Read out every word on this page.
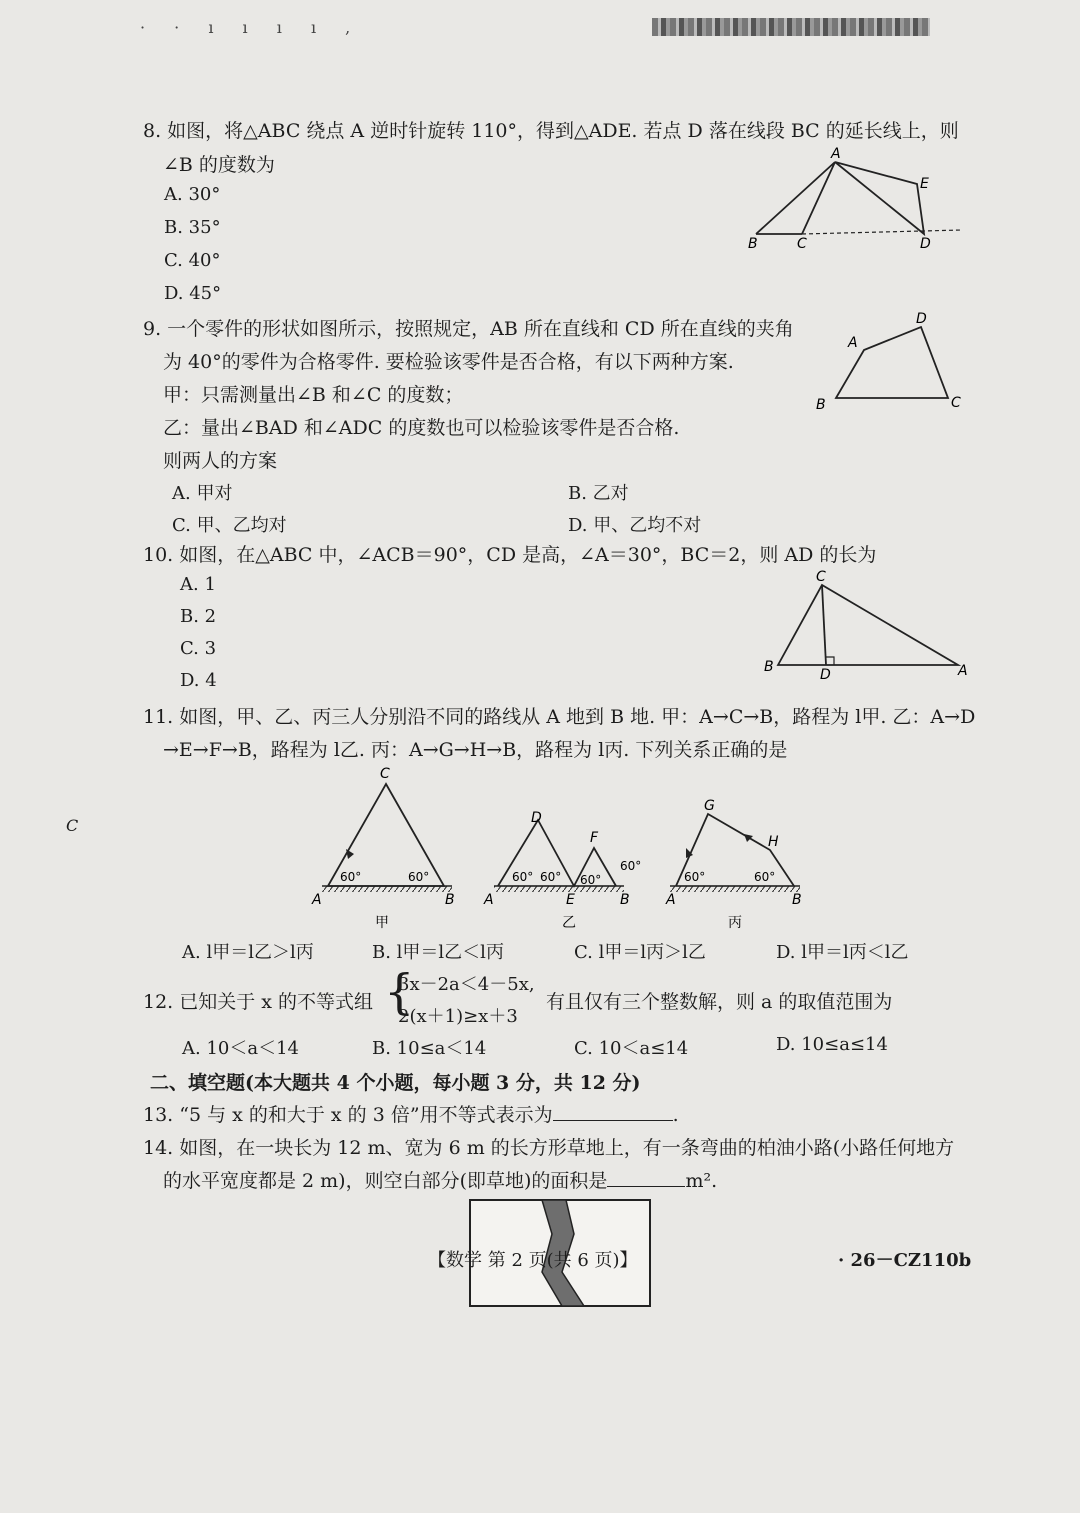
· · ı ı ı ı ,
C
8. 如图，将△ABC 绕点 A 逆时针旋转 110°，得到△ADE. 若点 D 落在线段 BC 的延长线上，则
∠B 的度数为
A. 30°
B. 35°
C. 40°
D. 45°
A
E
B	C	D
9. 一个零件的形状如图所示，按照规定，AB 所在直线和 CD 所在直线的夹角
为 40°的零件为合格零件. 要检验该零件是否合格，有以下两种方案.
甲：只需测量出∠B 和∠C 的度数；
乙：量出∠BAD 和∠ADC 的度数也可以检验该零件是否合格.
则两人的方案
A. 甲对	B. 乙对
C. 甲、乙均对	D. 甲、乙均不对
A
D
B	C
10. 如图，在△ABC 中，∠ACB＝90°，CD 是高，∠A＝30°，BC＝2，则 AD 的长为
A. 1
B. 2
C. 3
D. 4
C
B	D	A
11. 如图，甲、乙、丙三人分别沿不同的路线从 A 地到 B 地. 甲：A→C→B，路程为 l甲. 乙：A→D
→E→F→B，路程为 l乙. 丙：A→G→H→B，路程为 l丙. 下列关系正确的是
A	B
C
60°	60°
甲
A
D
E
F
B
60° 60° 60°
60°
乙
A
G
H
B
60°	60°
丙
A. l甲＝l乙＞l丙	B. l甲＝l乙＜l丙	C. l甲＝l丙＞l乙	D. l甲＝l丙＜l乙
12. 已知关于 x 的不等式组 {
3x－2a＜4－5x,
2(x＋1)≥x＋3
有且仅有三个整数解，则 a 的取值范围为
A. 10＜a＜14	B. 10≤a＜14	C. 10＜a≤14	D. 10≤a≤14
二、填空题(本大题共 4 个小题，每小题 3 分，共 12 分)
13. “5 与 x 的和大于 x 的 3 倍”用不等式表示为	.
14. 如图，在一块长为 12 m、宽为 6 m 的长方形草地上，有一条弯曲的柏油小路(小路任何地方
的水平宽度都是 2 m)，则空白部分(即草地)的面积是	m².
【数学 第 2 页(共 6 页)】	· 26－CZ110b
